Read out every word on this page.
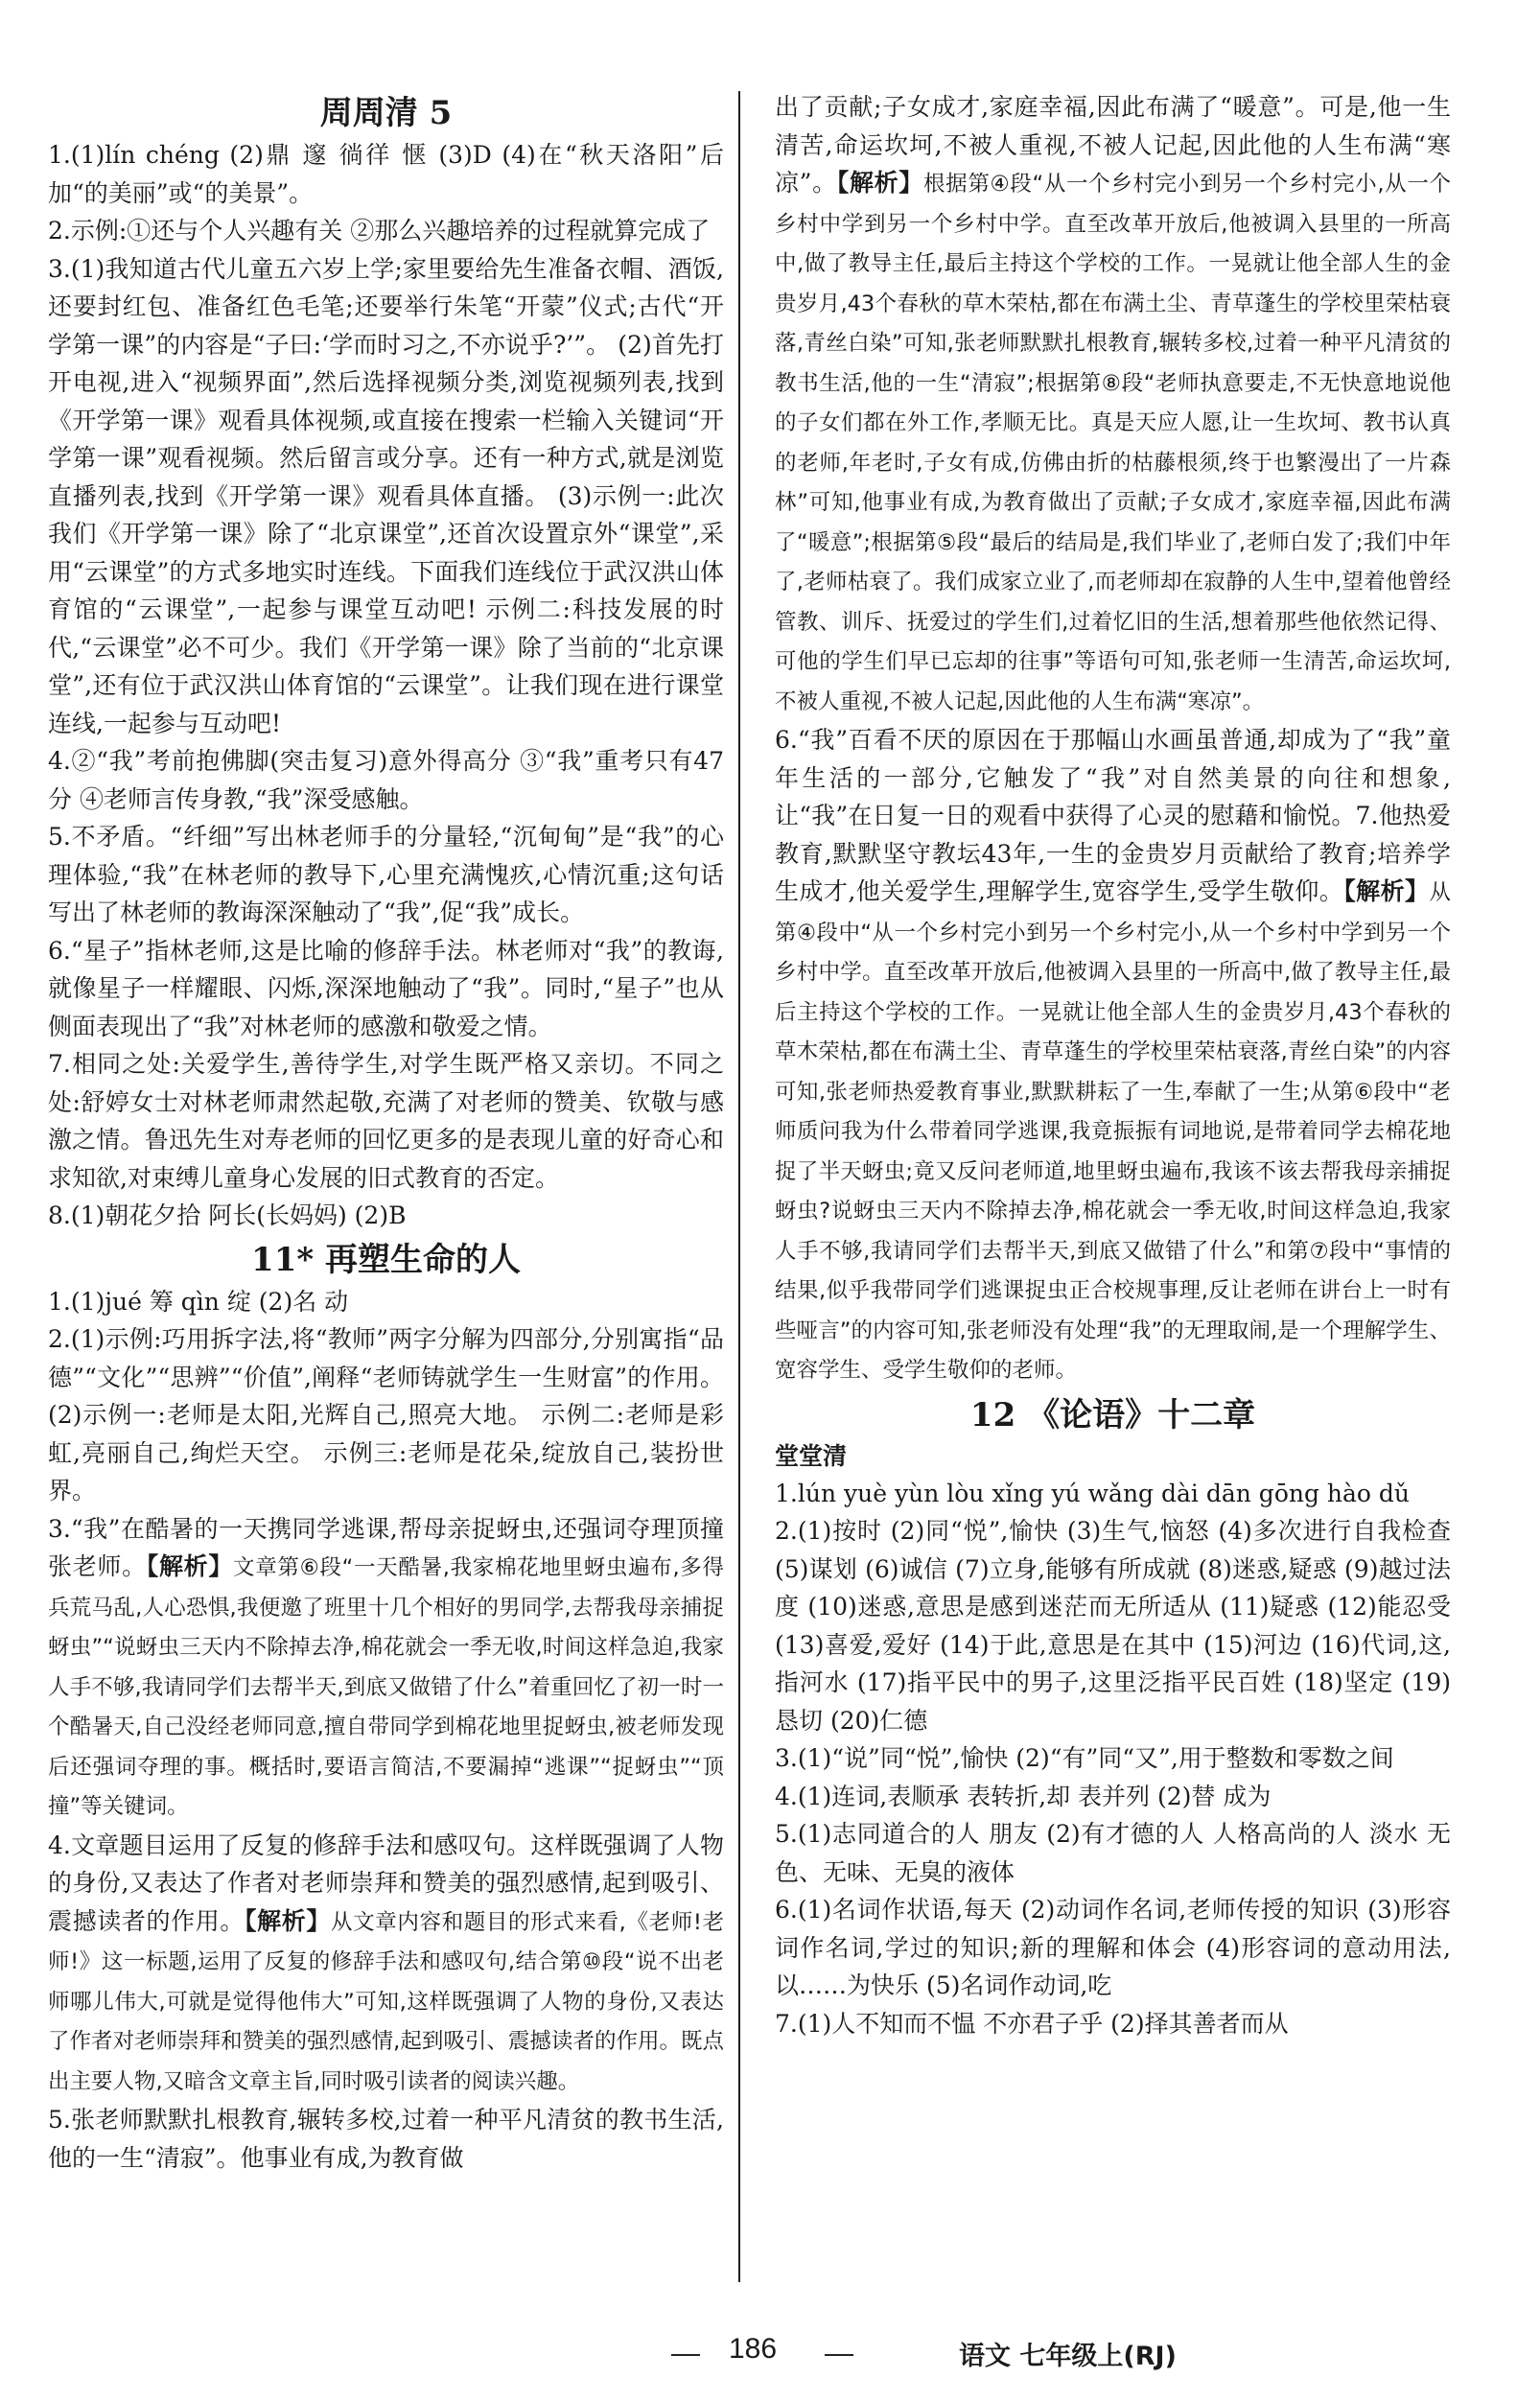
周周清 5

1.(1)lín chéng (2)鼎 邃 徜徉 惬 (3)D (4)在“秋天洛阳”后加“的美丽”或“的美景”。

2.示例:①还与个人兴趣有关 ②那么兴趣培养的过程就算完成了

3.(1)我知道古代儿童五六岁上学;家里要给先生准备衣帽、酒饭,还要封红包、准备红色毛笔;还要举行朱笔“开蒙”仪式;古代“开学第一课”的内容是“子曰:‘学而时习之,不亦说乎?’”。 (2)首先打开电视,进入“视频界面”,然后选择视频分类,浏览视频列表,找到《开学第一课》观看具体视频,或直接在搜索一栏输入关键词“开学第一课”观看视频。然后留言或分享。还有一种方式,就是浏览直播列表,找到《开学第一课》观看具体直播。 (3)示例一:此次我们《开学第一课》除了“北京课堂”,还首次设置京外“课堂”,采用“云课堂”的方式多地实时连线。下面我们连线位于武汉洪山体育馆的“云课堂”,一起参与课堂互动吧! 示例二:科技发展的时代,“云课堂”必不可少。我们《开学第一课》除了当前的“北京课堂”,还有位于武汉洪山体育馆的“云课堂”。让我们现在进行课堂连线,一起参与互动吧!

4.②“我”考前抱佛脚(突击复习)意外得高分 ③“我”重考只有47分 ④老师言传身教,“我”深受感触。

5.不矛盾。“纤细”写出林老师手的分量轻,“沉甸甸”是“我”的心理体验,“我”在林老师的教导下,心里充满愧疚,心情沉重;这句话写出了林老师的教诲深深触动了“我”,促“我”成长。

6.“星子”指林老师,这是比喻的修辞手法。林老师对“我”的教诲,就像星子一样耀眼、闪烁,深深地触动了“我”。同时,“星子”也从侧面表现出了“我”对林老师的感激和敬爱之情。

7.相同之处:关爱学生,善待学生,对学生既严格又亲切。不同之处:舒婷女士对林老师肃然起敬,充满了对老师的赞美、钦敬与感激之情。鲁迅先生对寿老师的回忆更多的是表现儿童的好奇心和求知欲,对束缚儿童身心发展的旧式教育的否定。

8.(1)朝花夕拾 阿长(长妈妈) (2)B

11* 再塑生命的人

1.(1)jué 筹 qìn 绽 (2)名 动

2.(1)示例:巧用拆字法,将“教师”两字分解为四部分,分别寓指“品德”“文化”“思辨”“价值”,阐释“老师铸就学生一生财富”的作用。 (2)示例一:老师是太阳,光辉自己,照亮大地。 示例二:老师是彩虹,亮丽自己,绚烂天空。 示例三:老师是花朵,绽放自己,装扮世界。

3.“我”在酷暑的一天携同学逃课,帮母亲捉蚜虫,还强词夺理顶撞张老师。【解析】文章第⑥段“一天酷暑,我家棉花地里蚜虫遍布,多得兵荒马乱,人心恐惧,我便邀了班里十几个相好的男同学,去帮我母亲捕捉蚜虫”“说蚜虫三天内不除掉去净,棉花就会一季无收,时间这样急迫,我家人手不够,我请同学们去帮半天,到底又做错了什么”着重回忆了初一时一个酷暑天,自己没经老师同意,擅自带同学到棉花地里捉蚜虫,被老师发现后还强词夺理的事。概括时,要语言简洁,不要漏掉“逃课”“捉蚜虫”“顶撞”等关键词。

4.文章题目运用了反复的修辞手法和感叹句。这样既强调了人物的身份,又表达了作者对老师崇拜和赞美的强烈感情,起到吸引、震撼读者的作用。【解析】从文章内容和题目的形式来看,《老师!老师!》这一标题,运用了反复的修辞手法和感叹句,结合第⑩段“说不出老师哪儿伟大,可就是觉得他伟大”可知,这样既强调了人物的身份,又表达了作者对老师崇拜和赞美的强烈感情,起到吸引、震撼读者的作用。既点出主要人物,又暗含文章主旨,同时吸引读者的阅读兴趣。

5.张老师默默扎根教育,辗转多校,过着一种平凡清贫的教书生活,他的一生“清寂”。他事业有成,为教育做

出了贡献;子女成才,家庭幸福,因此布满了“暖意”。可是,他一生清苦,命运坎坷,不被人重视,不被人记起,因此他的人生布满“寒凉”。【解析】根据第④段“从一个乡村完小到另一个乡村完小,从一个乡村中学到另一个乡村中学。直至改革开放后,他被调入县里的一所高中,做了教导主任,最后主持这个学校的工作。一晃就让他全部人生的金贵岁月,43个春秋的草木荣枯,都在布满土尘、青草蓬生的学校里荣枯衰落,青丝白染”可知,张老师默默扎根教育,辗转多校,过着一种平凡清贫的教书生活,他的一生“清寂”;根据第⑧段“老师执意要走,不无快意地说他的子女们都在外工作,孝顺无比。真是天应人愿,让一生坎坷、教书认真的老师,年老时,子女有成,仿佛由折的枯藤根须,终于也繁漫出了一片森林”可知,他事业有成,为教育做出了贡献;子女成才,家庭幸福,因此布满了“暖意”;根据第⑤段“最后的结局是,我们毕业了,老师白发了;我们中年了,老师枯衰了。我们成家立业了,而老师却在寂静的人生中,望着他曾经管教、训斥、抚爱过的学生们,过着忆旧的生活,想着那些他依然记得、可他的学生们早已忘却的往事”等语句可知,张老师一生清苦,命运坎坷,不被人重视,不被人记起,因此他的人生布满“寒凉”。

6.“我”百看不厌的原因在于那幅山水画虽普通,却成为了“我”童年生活的一部分,它触发了“我”对自然美景的向往和想象,让“我”在日复一日的观看中获得了心灵的慰藉和愉悦。7.他热爱教育,默默坚守教坛43年,一生的金贵岁月贡献给了教育;培养学生成才,他关爱学生,理解学生,宽容学生,受学生敬仰。【解析】从第④段中“从一个乡村完小到另一个乡村完小,从一个乡村中学到另一个乡村中学。直至改革开放后,他被调入县里的一所高中,做了教导主任,最后主持这个学校的工作。一晃就让他全部人生的金贵岁月,43个春秋的草木荣枯,都在布满土尘、青草蓬生的学校里荣枯衰落,青丝白染”的内容可知,张老师热爱教育事业,默默耕耘了一生,奉献了一生;从第⑥段中“老师质问我为什么带着同学逃课,我竟振振有词地说,是带着同学去棉花地捉了半天蚜虫;竟又反问老师道,地里蚜虫遍布,我该不该去帮我母亲捕捉蚜虫?说蚜虫三天内不除掉去净,棉花就会一季无收,时间这样急迫,我家人手不够,我请同学们去帮半天,到底又做错了什么”和第⑦段中“事情的结果,似乎我带同学们逃课捉虫正合校规事理,反让老师在讲台上一时有些哑言”的内容可知,张老师没有处理“我”的无理取闹,是一个理解学生、宽容学生、受学生敬仰的老师。

12 《论语》十二章
堂堂清

1.lún yuè yùn lòu xǐng yú wǎng dài dān gōng hào dǔ

2.(1)按时 (2)同“悦”,愉快 (3)生气,恼怒 (4)多次进行自我检查 (5)谋划 (6)诚信 (7)立身,能够有所成就 (8)迷惑,疑惑 (9)越过法度 (10)迷惑,意思是感到迷茫而无所适从 (11)疑惑 (12)能忍受 (13)喜爱,爱好 (14)于此,意思是在其中 (15)河边 (16)代词,这,指河水 (17)指平民中的男子,这里泛指平民百姓 (18)坚定 (19)恳切 (20)仁德

3.(1)“说”同“悦”,愉快 (2)“有”同“又”,用于整数和零数之间

4.(1)连词,表顺承 表转折,却 表并列 (2)替 成为

5.(1)志同道合的人 朋友 (2)有才德的人 人格高尚的人 淡水 无色、无味、无臭的液体

6.(1)名词作状语,每天 (2)动词作名词,老师传授的知识 (3)形容词作名词,学过的知识;新的理解和体会 (4)形容词的意动用法,以……为快乐 (5)名词作动词,吃

7.(1)人不知而不愠 不亦君子乎 (2)择其善者而从

186	语文 七年级上(RJ)
